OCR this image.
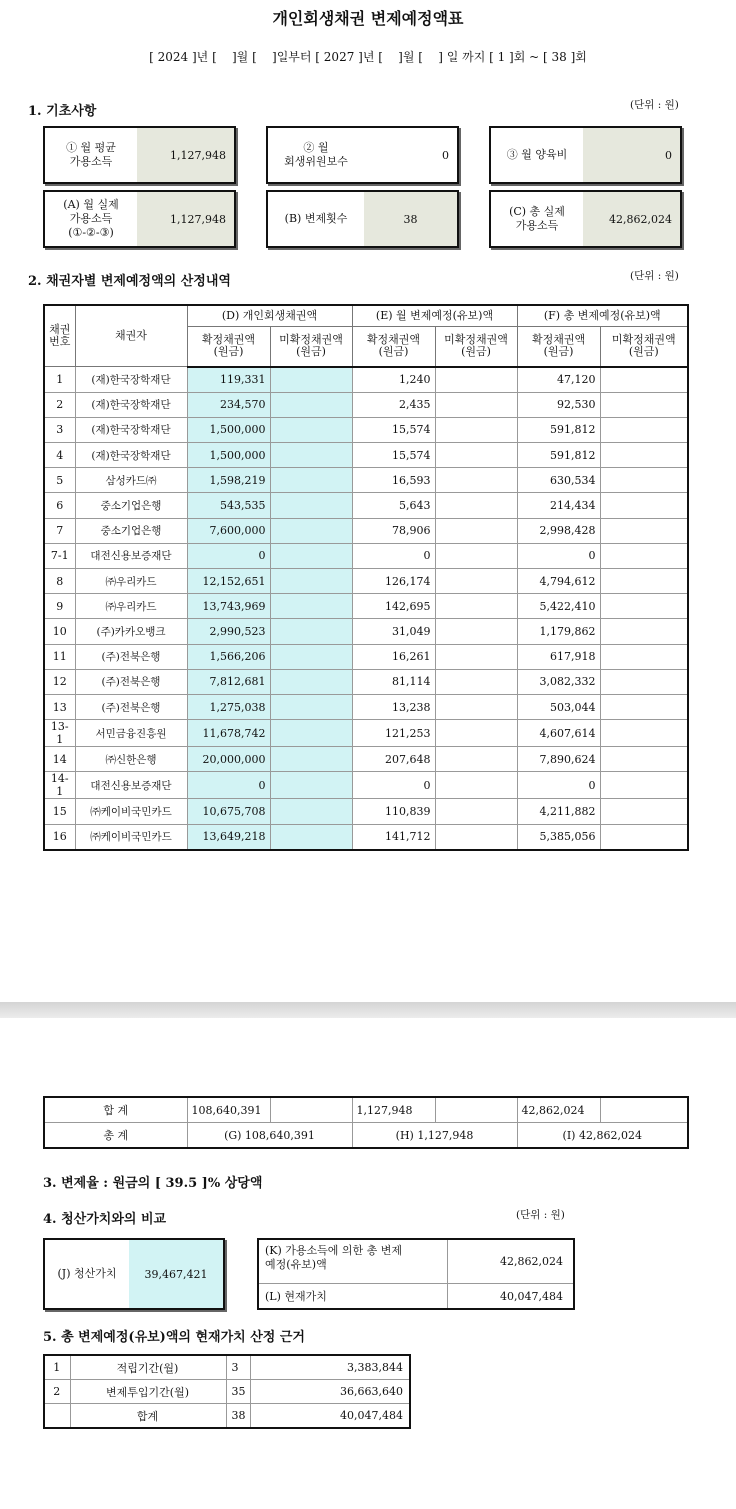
개인회생채권 변제예정액표
[ 2024 ]년 [    ]월 [    ]일부터 [ 2027 ]년 [    ]월 [    ] 일 까지 [ 1 ]회 ~ [ 38 ]회
1. 기초사항	(단위 : 원)
① 월 평균
가용소득	1,127,948
② 월
회생위원보수	0	③ 월 양육비	0
(A) 월 실제
가용소득
(①-②-③)
1,127,948	(B) 변제횟수	38
(C) 총 실제
가용소득	42,862,024
2. 채권자별 변제예정액의 산정내역	(단위 : 원)
채권
번호	채권자	(D) 개인회생채권액		(E) 월 변제예정(유보)액		(F) 총 변제예정(유보)액	
		확정채권액
(원금)	미확정채권액
(원금)	확정채권액
(원금)	미확정채권액
(원금)	확정채권액
(원금)	미확정채권액
(원금)
1	(재)한국장학재단	119,331		1,240		47,120	
2	(재)한국장학재단	234,570		2,435		92,530	
3	(재)한국장학재단	1,500,000		15,574		591,812	
4	(재)한국장학재단	1,500,000		15,574		591,812	
5	삼성카드㈜	1,598,219		16,593		630,534	
6	중소기업은행	543,535		5,643		214,434	
7	중소기업은행	7,600,000		78,906		2,998,428	
7-1	대전신용보증재단	0		0		0	
8	㈜우리카드	12,152,651		126,174		4,794,612	
9	㈜우리카드	13,743,969		142,695		5,422,410	
10	(주)카카오뱅크	2,990,523		31,049		1,179,862	
11	(주)전북은행	1,566,206		16,261		617,918	
12	(주)전북은행	7,812,681		81,114		3,082,332	
13	(주)전북은행	1,275,038		13,238		503,044	
13-1	서민금융진흥원	11,678,742		121,253		4,607,614	
14	㈜신한은행	20,000,000		207,648		7,890,624	
14-1	대전신용보증재단	0		0		0	
15	㈜케이비국민카드	10,675,708		110,839		4,211,882	
16	㈜케이비국민카드	13,649,218		141,712		5,385,056	
합 계	108,640,391		1,127,948		42,862,024	
총 계	(G) 108,640,391		(H) 1,127,948		(I) 42,862,024	
3. 변제율 : 원금의 [ 39.5 ]% 상당액
4. 청산가치와의 비교	(단위 : 원)
(J) 청산가치	39,467,421
(K) 가용소득에 의한 총 변제
예정(유보)액	42,862,024
(L) 현재가치	40,047,484
5. 총 변제예정(유보)액의 현재가치 산정 근거
1	적립기간(월)	3	3,383,844
2	변제투입기간(월)	35	36,663,640
	합계	38	40,047,484
